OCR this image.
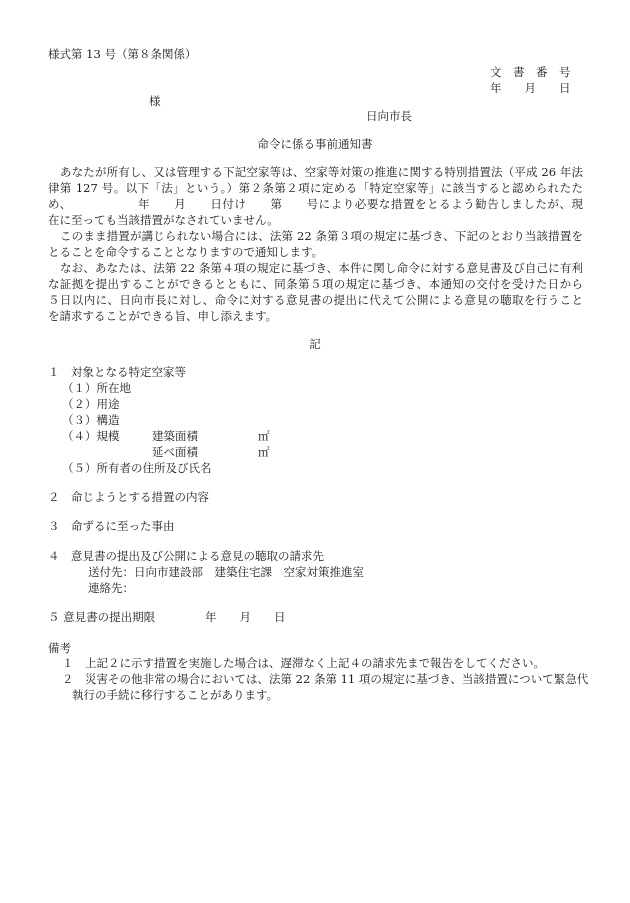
様式第 13 号（第８条関係）
文　書　番　号
年　　月　　日
様
日向市長
命令に係る事前通知書
あなたが所有し、又は管理する下記空家等は、空家等対策の推進に関する特別措置法（平成 26 年法
律第 127 号。以下「法」という。）第２条第２項に定める「特定空家等」に該当すると認められたた
め、　　　　　　年　　月　　日付け　　第　　号により必要な措置をとるよう勧告しましたが、現
在に至っても当該措置がなされていません。
このまま措置が講じられない場合には、法第 22 条第３項の規定に基づき、下記のとおり当該措置を
とることを命令することとなりますので通知します。
なお、あなたは、法第 22 条第４項の規定に基づき、本件に関し命令に対する意見書及び自己に有利
な証拠を提出することができるとともに、同条第５項の規定に基づき、本通知の交付を受けた日から
５日以内に、日向市長に対し、命令に対する意見書の提出に代えて公開による意見の聴取を行うこと
を請求することができる旨、申し添えます。
記
１　対象となる特定空家等
（１）所在地
（２）用途
（３）構造
（４）規模	建築面積	㎡
延べ面積	㎡
（５）所有者の住所及び氏名
２　命じようとする措置の内容
３　命ずるに至った事由
４　意見書の提出及び公開による意見の聴取の請求先
送付先：日向市建設部　建築住宅課　空家対策推進室
連絡先：
５ 意見書の提出期限	年　　月　　日
備考
１　上記２に示す措置を実施した場合は、遅滞なく上記４の請求先まで報告をしてください。
２　災害その他非常の場合においては、法第 22 条第 11 項の規定に基づき、当該措置について緊急代
執行の手続に移行することがあります。
